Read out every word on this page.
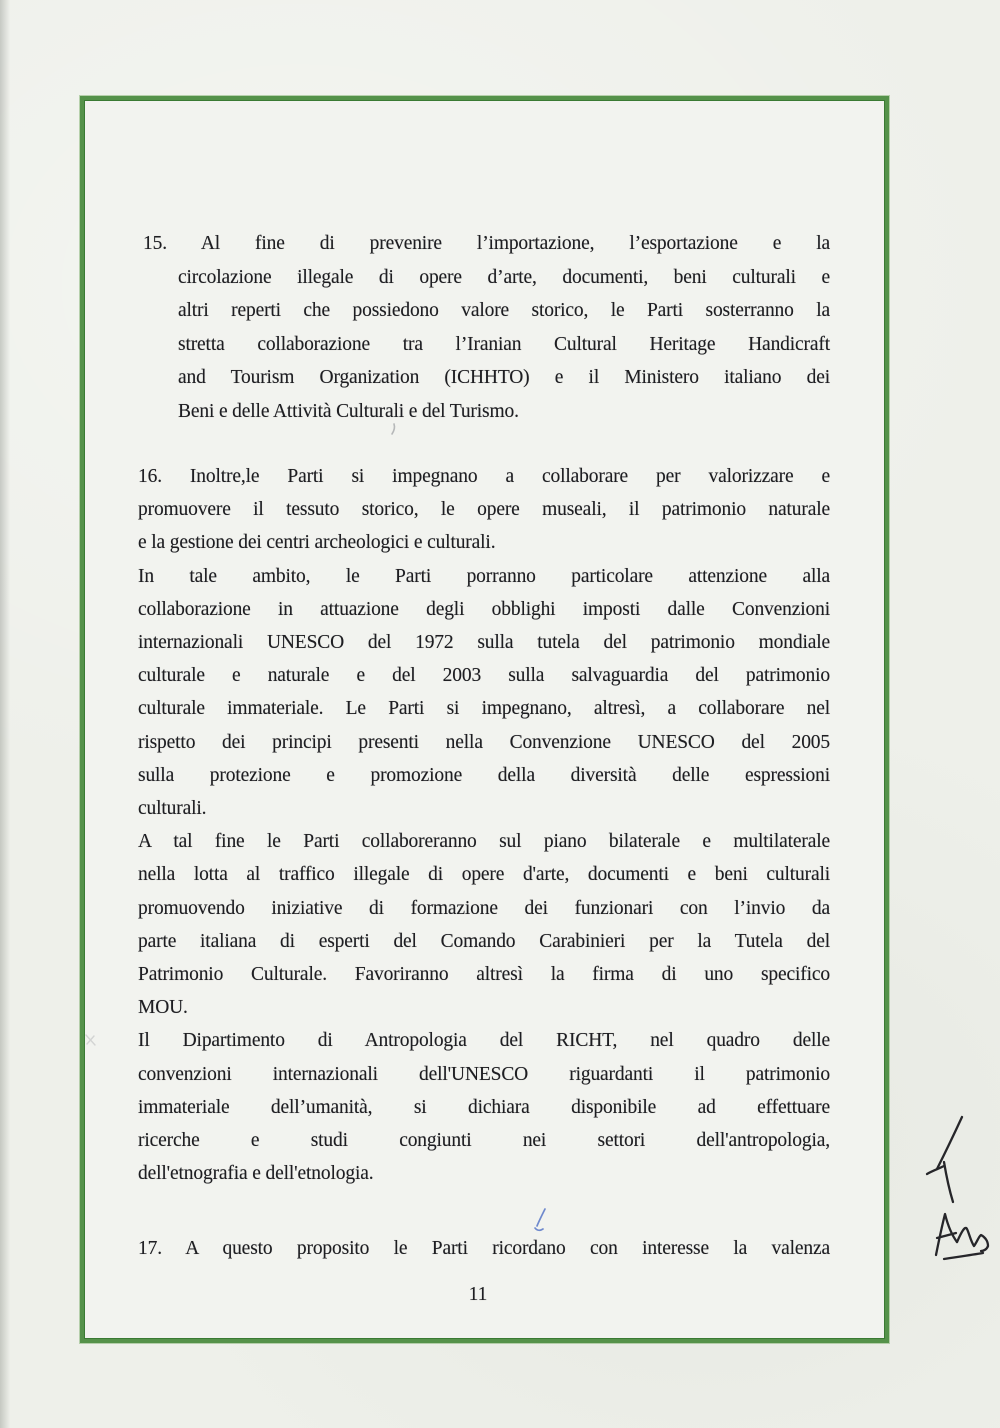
15. Al fine di prevenire l’importazione, l’esportazione e la
circolazione illegale di opere d’arte, documenti, beni culturali e
altri reperti che possiedono valore storico, le Parti sosterranno la
stretta collaborazione tra l’Iranian Cultural Heritage Handicraft
and Tourism Organization (ICHHTO) e il Ministero italiano dei
Beni e delle Attività Culturali e del Turismo.
16. Inoltre,le Parti si impegnano a collaborare per valorizzare e
promuovere il tessuto storico, le opere museali, il patrimonio naturale
e la gestione dei centri archeologici e culturali.
In tale ambito, le Parti porranno particolare attenzione alla
collaborazione in attuazione degli obblighi imposti dalle Convenzioni
internazionali UNESCO del 1972 sulla tutela del patrimonio mondiale
culturale e naturale e del 2003 sulla salvaguardia del patrimonio
culturale immateriale. Le Parti si impegnano, altresì, a collaborare nel
rispetto dei principi presenti nella Convenzione UNESCO del 2005
sulla protezione e promozione della diversità delle espressioni
culturali.
A tal fine le Parti collaboreranno sul piano bilaterale e multilaterale
nella lotta al traffico illegale di opere d'arte, documenti e beni culturali
promuovendo iniziative di formazione dei funzionari con l’invio da
parte italiana di esperti del Comando Carabinieri per la Tutela del
Patrimonio Culturale. Favoriranno altresì la firma di uno specifico
MOU.
Il Dipartimento di Antropologia del RICHT, nel quadro delle
convenzioni internazionali dell'UNESCO riguardanti il patrimonio
immateriale dell’umanità, si dichiara disponibile ad effettuare
ricerche e studi congiunti nei settori dell'antropologia,
dell'etnografia e dell'etnologia.
17. A questo proposito le Parti ricordano con interesse la valenza
11
